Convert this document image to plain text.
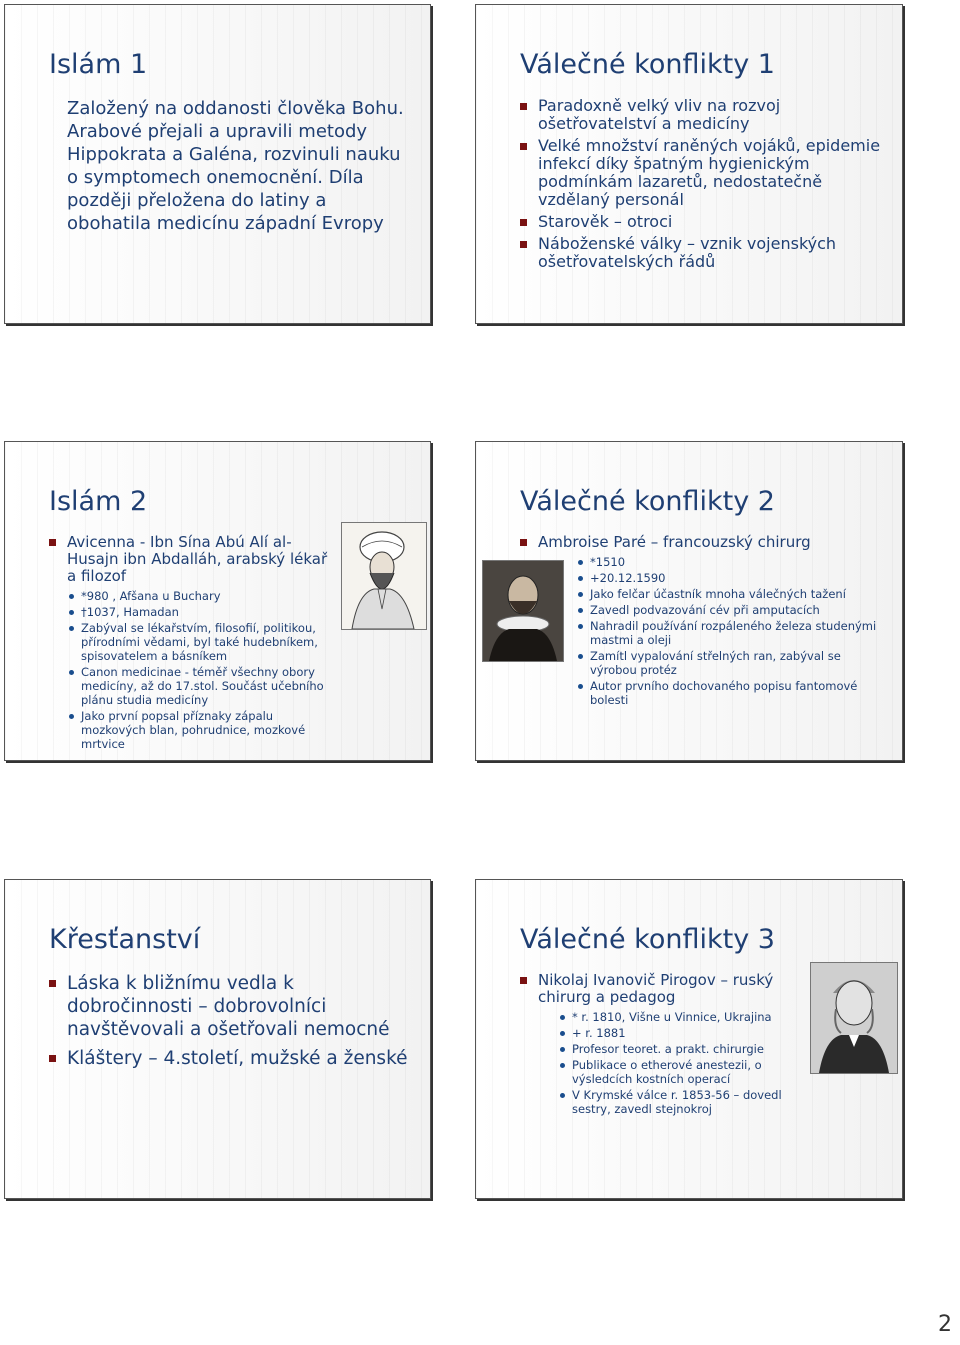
Islám 1
Založený na oddanosti člověka Bohu. Arabové přejali a upravili metody Hippokrata a Galéna, rozvinuli nauku o symptomech onemocnění. Díla později přeložena do latiny a obohatila medicínu západní Evropy
Válečné konflikty 1
Paradoxně velký vliv na rozvoj ošetřovatelství a medicíny
Velké množství raněných vojáků, epidemie infekcí díky špatným hygienickým podmínkám lazaretů, nedostatečně vzdělaný personál
Starověk – otroci
Náboženské války – vznik vojenských ošetřovatelských řádů
Islám 2
Avicenna - Ibn Sína Abú Alí al-Husajn ibn Abdalláh, arabský lékař a filozof
*980 , Afšana u Buchary
†1037, Hamadan
Zabýval se lékařstvím, filosofií, politikou, přírodními vědami, byl také hudebníkem, spisovatelem a básníkem
Canon medicinae - téměř všechny obory medicíny, až do 17.stol. Součást učebního plánu studia medicíny
Jako první popsal příznaky zápalu mozkových blan, pohrudnice, mozkové mrtvice
Válečné konflikty 2
Ambroise Paré – francouzský chirurg
*1510
+20.12.1590
Jako felčar účastník mnoha válečných tažení
Zavedl podvazování cév při amputacích
Nahradil používání rozpáleného železa studenými mastmi a oleji
Zamítl vypalování střelných ran, zabýval se výrobou protéz
Autor prvního dochovaného popisu fantomové bolesti
Křesťanství
Láska k bližnímu vedla k dobročinnosti – dobrovolníci navštěvovali a ošetřovali nemocné
Kláštery – 4.století, mužské a ženské
Válečné konflikty 3
Nikolaj Ivanovič Pirogov – ruský chirurg a pedagog
* r. 1810, Višne u Vinnice, Ukrajina
+ r. 1881
Profesor teoret. a prakt. chirurgie
Publikace o etherové anestezii, o výsledcích kostních operací
V Krymské válce r. 1853-56 – dovedl sestry, zavedl stejnokroj
2
